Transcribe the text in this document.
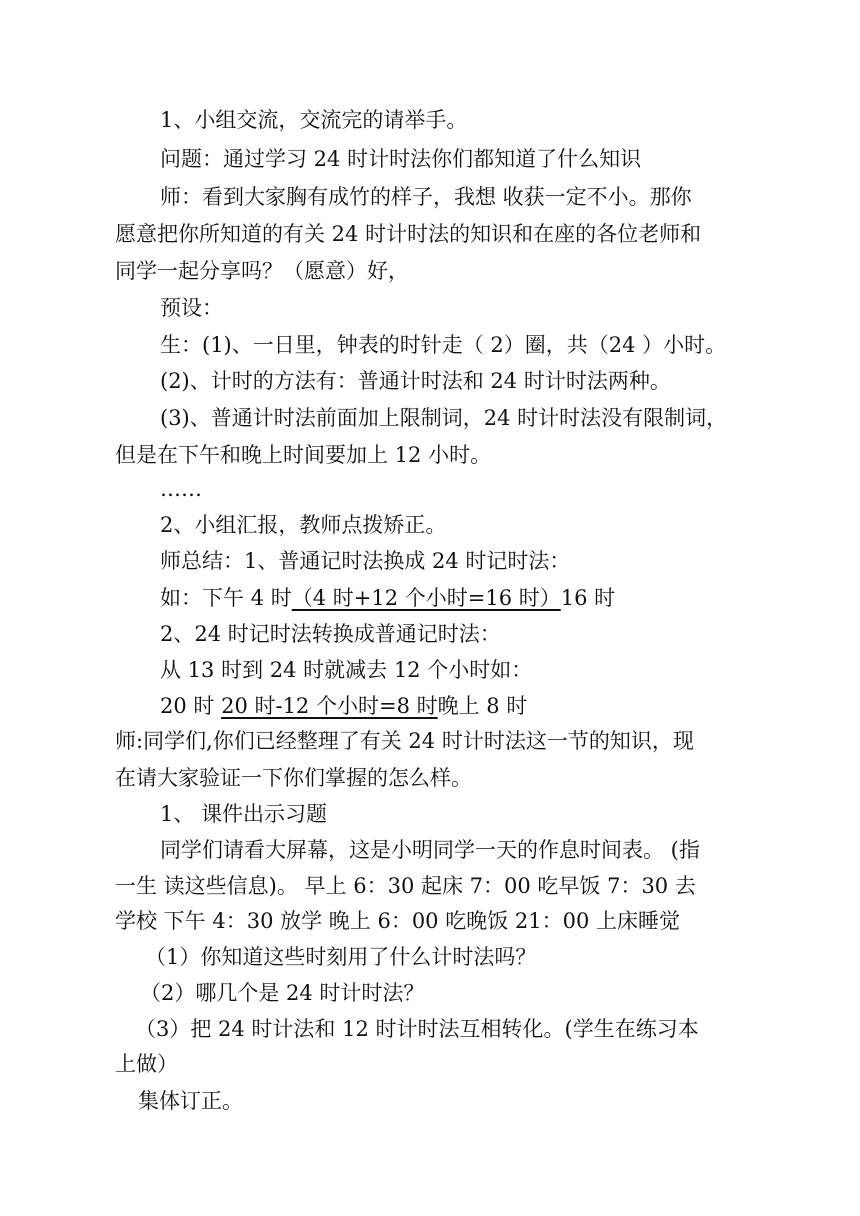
1、小组交流，交流完的请举手。
问题：通过学习 24 时计时法你们都知道了什么知识
师：看到大家胸有成竹的样子，我想 收获一定不小。那你
愿意把你所知道的有关 24 时计时法的知识和在座的各位老师和
同学一起分享吗？（愿意）好，
预设：
生：(1)、一日里，钟表的时针走（ 2）圈，共（24 ）小时。
(2)、计时的方法有：普通计时法和 24 时计时法两种。
(3)、普通计时法前面加上限制词，24 时计时法没有限制词，
但是在下午和晚上时间要加上 12 小时。
……
2、小组汇报，教师点拨矫正。
师总结：1、普通记时法换成 24 时记时法：
如：下午 4 时（4 时+12 个小时=16 时）16 时
2、24 时记时法转换成普通记时法：
从 13 时到 24 时就减去 12 个小时如：
20 时 20 时-12 个小时=8 时晚上 8 时
师:同学们,你们已经整理了有关 24 时计时法这一节的知识，现
在请大家验证一下你们掌握的怎么样。
1、 课件出示习题
同学们请看大屏幕，这是小明同学一天的作息时间表。 (指
一生 读这些信息)。 早上 6：30 起床 7：00 吃早饭 7：30 去
学校 下午 4：30 放学 晚上 6：00 吃晚饭 21：00 上床睡觉
（1）你知道这些时刻用了什么计时法吗？
（2）哪几个是 24 时计时法？
（3）把 24 时计法和 12 时计时法互相转化。(学生在练习本
上做）
集体订正。
